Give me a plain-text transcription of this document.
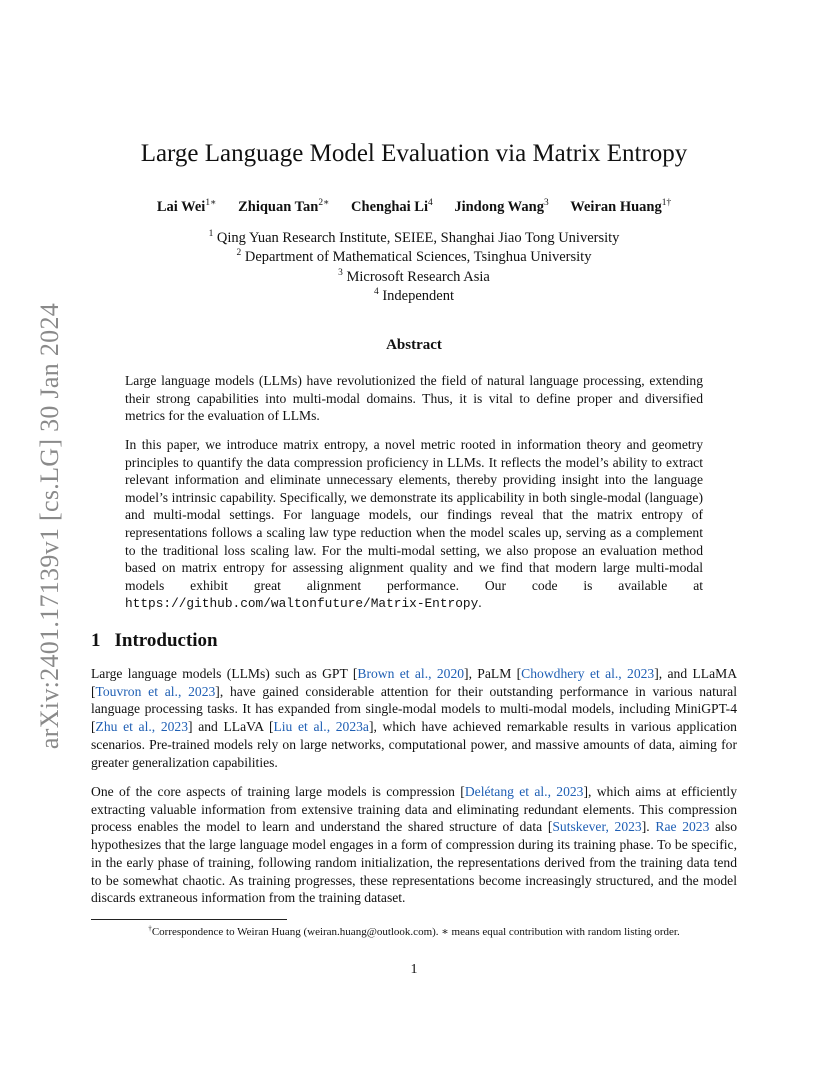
arXiv:2401.17139v1 [cs.LG] 30 Jan 2024
Large Language Model Evaluation via Matrix Entropy
Lai Wei$^{1∗}$ Zhiquan Tan$^{2∗}$ Chenghai Li$^4$ Jindong Wang$^3$ Weiran Huang$^{1\dagger}$
$^1$ Qing Yuan Research Institute, SEIEE, Shanghai Jiao Tong University
$^2$ Department of Mathematical Sciences, Tsinghua University
$^3$ Microsoft Research Asia
$^4$ Independent
Abstract

Large language models (LLMs) have revolutionized the field of natural language processing, extending their strong capabilities into multi-modal domains. Thus, it is vital to define proper and diversified metrics for the evaluation of LLMs.

In this paper, we introduce matrix entropy, a novel metric rooted in information theory and geometry principles to quantify the data compression proficiency in LLMs. It reflects the model’s ability to extract relevant information and eliminate unnecessary elements, thereby providing insight into the language model’s intrinsic capability. Specifically, we demonstrate its applicability in both single-modal (language) and multi-modal settings. For language models, our findings reveal that the matrix entropy of representations follows a scaling law type reduction when the model scales up, serving as a complement to the traditional loss scaling law. For the multi-modal setting, we also propose an evaluation method based on matrix entropy for assessing alignment quality and we find that modern large multi-modal models exhibit great alignment performance. Our code is available at https://github.com/waltonfuture/Matrix-Entropy.

1 Introduction

Large language models (LLMs) such as GPT [Brown et al., 2020], PaLM [Chowdhery et al., 2023], and LLaMA [Touvron et al., 2023], have gained considerable attention for their outstanding performance in various natural language processing tasks. It has expanded from single-modal models to multi-modal models, including MiniGPT-4 [Zhu et al., 2023] and LLaVA [Liu et al., 2023a], which have achieved remarkable results in various application scenarios. Pre-trained models rely on large networks, computational power, and massive amounts of data, aiming for greater generalization capabilities.

One of the core aspects of training large models is compression [Delétang et al., 2023], which aims at efficiently extracting valuable information from extensive training data and eliminating redundant elements. This compression process enables the model to learn and understand the shared structure of data [Sutskever, 2023]. Rae 2023 also hypothesizes that the large language model engages in a form of compression during its training phase. To be specific, in the early phase of training, following random initialization, the representations derived from the training data tend to be somewhat chaotic. As training progresses, these representations become increasingly structured, and the model discards extraneous information from the training dataset.

†Correspondence to Weiran Huang (weiran.huang@outlook.com). ∗ means equal contribution with random listing order.
1
